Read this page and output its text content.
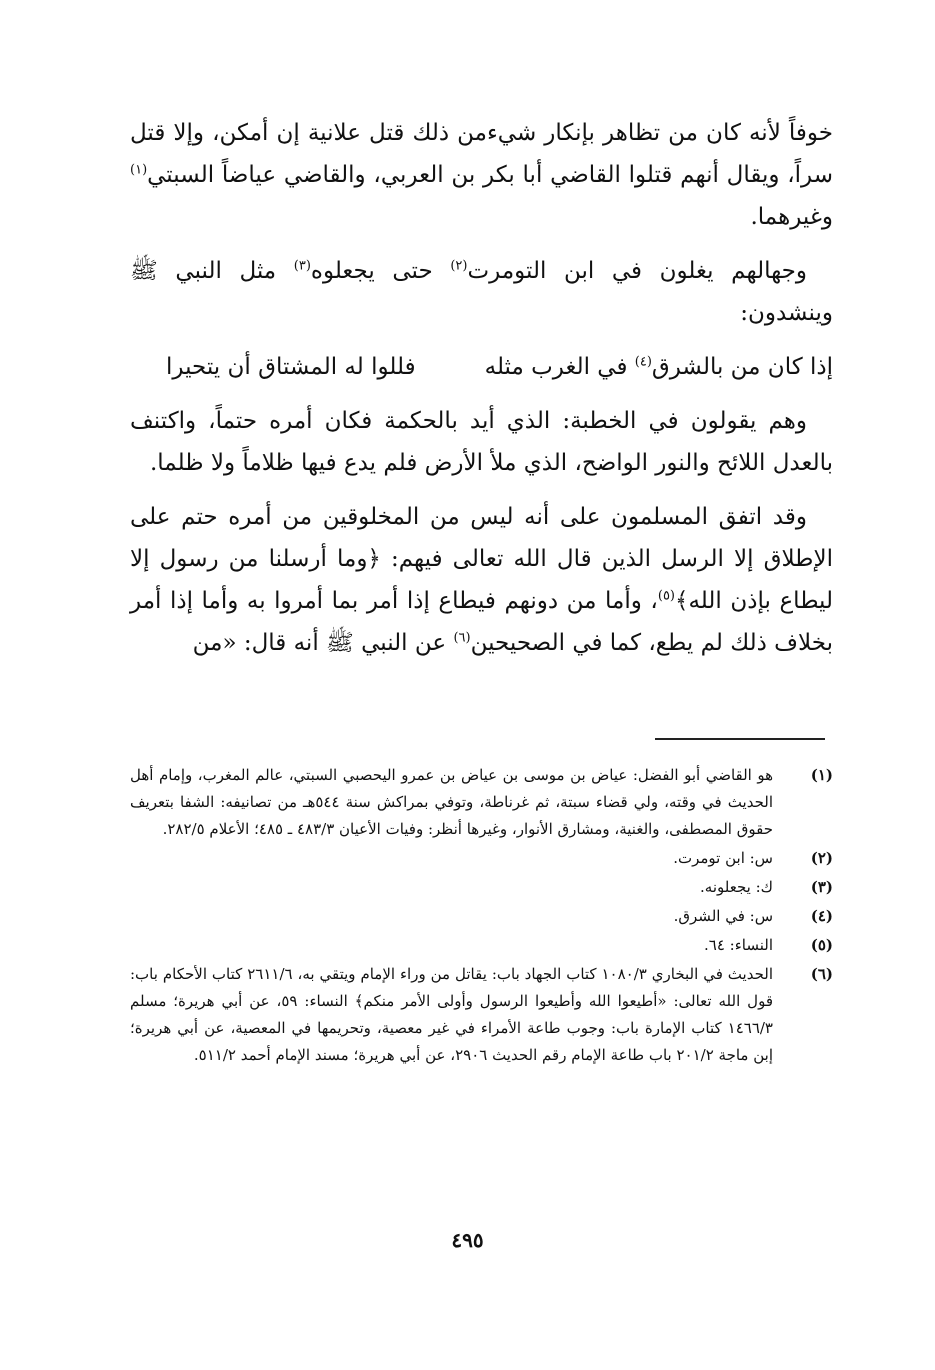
خوفاً لأنه كان من تظاهر بإنكار شيءمن ذلك قتل علانية إن أمكن، وإلا قتل سراً، ويقال أنهم قتلوا القاضي أبا بكر بن العربي، والقاضي عياضاً السبتي$^{(١)}$ وغيرهما.

وجهالهم يغلون في ابن التومرت$^{(٢)}$ حتى يجعلوه$^{(٣)}$ مثل النبي ﷺ وينشدون:

إذا كان من بالشرق$^{(٤)}$ في الغرب مثله
فللوا له المشتاق أن يتحيرا

وهم يقولون في الخطبة: الذي أيد بالحكمة فكان أمره حتماً، واكتنف بالعدل اللائح والنور الواضح، الذي ملأ الأرض فلم يدع فيها ظلاماً ولا ظلما.

وقد اتفق المسلمون على أنه ليس من المخلوقين من أمره حتم على الإطلاق إلا الرسل الذين قال الله تعالى فيهم: ﴿وما أرسلنا من رسول إلا ليطاع بإذن الله﴾$^{(٥)}$، وأما من دونهم فيطاع إذا أمر بما أمروا به وأما إذا أمر بخلاف ذلك لم يطع، كما في الصحيحين$^{(٦)}$ عن النبي ﷺ أنه قال: «من

(١)
هو القاضي أبو الفضل: عياض بن موسى بن عياض بن عمرو اليحصبي السبتي، عالم المغرب، وإمام أهل الحديث في وقته، ولي قضاء سبتة، ثم غرناطة، وتوفي بمراكش سنة ٥٤٤هـ من تصانيفه: الشفا بتعريف حقوق المصطفى، والغنية، ومشارق الأنوار، وغيرها أنظر: وفيات الأعيان ٤٨٣/٣ ـ ٤٨٥؛ الأعلام ٢٨٢/٥.
(٢)
س: ابن تومرت.
(٣)
ك: يجعلونه.
(٤)
س: في الشرق.
(٥)
النساء: ٦٤.
(٦)
الحديث في البخاري ١٠٨٠/٣ كتاب الجهاد باب: يقاتل من وراء الإمام ويتقي به، ٢٦١١/٦ كتاب الأحكام باب: قول الله تعالى: «أطيعوا الله وأطيعوا الرسول وأولى الأمر منكم﴾ النساء: ٥٩، عن أبي هريرة؛ مسلم ١٤٦٦/٣ كتاب الإمارة باب: وجوب طاعة الأمراء في غير معصية، وتحريمها في المعصية، عن أبي هريرة؛ إبن ماجة ٢٠١/٢ باب طاعة الإمام رقم الحديث ٢٩٠٦، عن أبي هريرة؛ مسند الإمام أحمد ٥١١/٢.
٤٩٥
